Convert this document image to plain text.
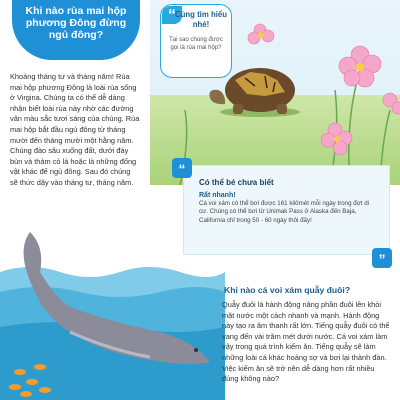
Khi nào rùa mai hộp
phương Đông đừng
ngủ đông?
“ Cùng tìm hiểu nhé!
Tại sao chúng được gọi là rùa mai hộp?

Khoảng tháng tư và tháng năm! Rùa mai hộp phương Đông là loài rùa sống ở Virgina. Chúng ta có thể dễ dàng nhận biết loài rùa này nhờ các đường vân màu sắc tươi sáng của chúng. Rùa mai hộp bắt đầu ngủ đông từ tháng mười đến tháng mười một hằng năm. Chúng đào sâu xuống đất, dưới đáy bùn và thảm cỏ lá hoặc là những đống vật khác để ngủ đông. Sau đó chúng sẽ thức dậy vào tháng tư, tháng năm.

“
”
Có thể bé chưa biết
Rất nhanh!
Cá voi xám có thể bơi được 161 kilômét mỗi ngày trong đợt di cư. Chúng có thể bơi từ Unimak Pass ở Alaska đến Baja, California chỉ trong 50 - 60 ngày thôi đấy!
Khi nào cá voi xám quẫy đuôi?

Quẫy đuôi là hành động nâng phần đuôi lên khỏi mặt nước một cách nhanh và mạnh. Hành động này tạo ra âm thanh rất lớn. Tiếng quẫy đuôi có thể vang đến vài trăm mét dưới nước. Cá voi xám làm vậy trong quá trình kiếm ăn. Tiếng quẫy sẽ làm những loài cá khác hoảng sợ và bơi lại thành đàn. Việc kiếm ăn sẽ trở nên dễ dàng hơn rất nhiều đúng không nào?
